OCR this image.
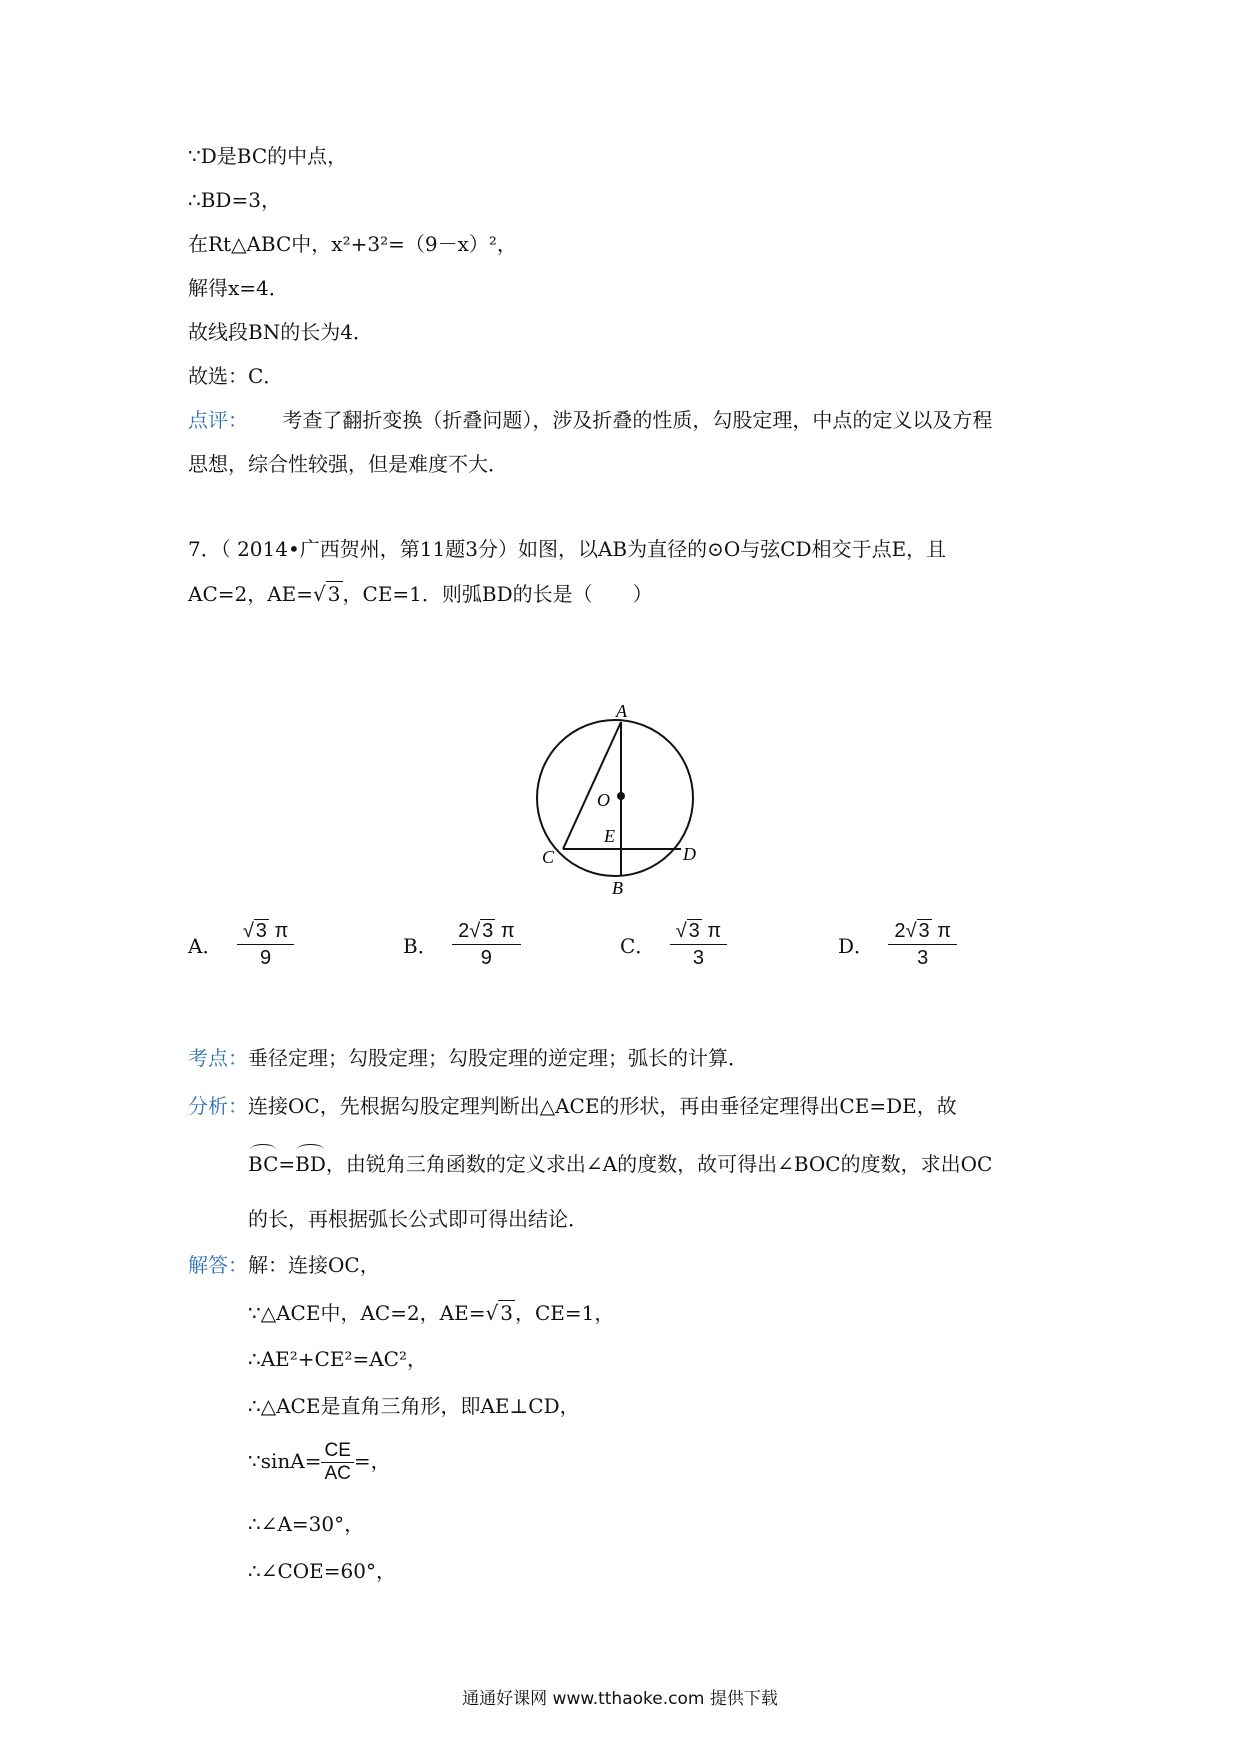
∵D是BC的中点，
∴BD=3，
在Rt△ABC中，x²+3²=（9－x）²，
解得x=4．
故线段BN的长为4．
故选：C．
点评： 考查了翻折变换（折叠问题），涉及折叠的性质，勾股定理，中点的定义以及方程
思想，综合性较强，但是难度不大．
7．（ 2014•广西贺州，第11题3分）如图，以AB为直径的⊙O与弦CD相交于点E，且
AC=2，AE=√ 3 ，CE=1．则弧BD的长是（　　）
A
O
E
C	D
B
A． $\frac{√ 3 \pi}{9}$	B． $\frac{2√ 3 \pi}{9}$	C． $\frac{√ 3 \pi}{3}$	D． $\frac{2√ 3 \pi}{3}$
考点：垂径定理；勾股定理；勾股定理的逆定理；弧长的计算．
分析：连接OC，先根据勾股定理判断出△ACE的形状，再由垂径定理得出CE=DE，故
BC=BD，由锐角三角函数的定义求出∠A的度数，故可得出∠BOC的度数，求出OC
的长，再根据弧长公式即可得出结论．
解答：解：连接OC，
∵△ACE中，AC=2，AE=√ 3 ，CE=1，
∴AE²+CE²=AC²，
∴△ACE是直角三角形，即AE⊥CD，
∵sinA= $\frac{CE}{AC}$ =，
∴∠A=30°，
∴∠COE=60°，
通通好课网 www.tthaoke.com 提供下载
